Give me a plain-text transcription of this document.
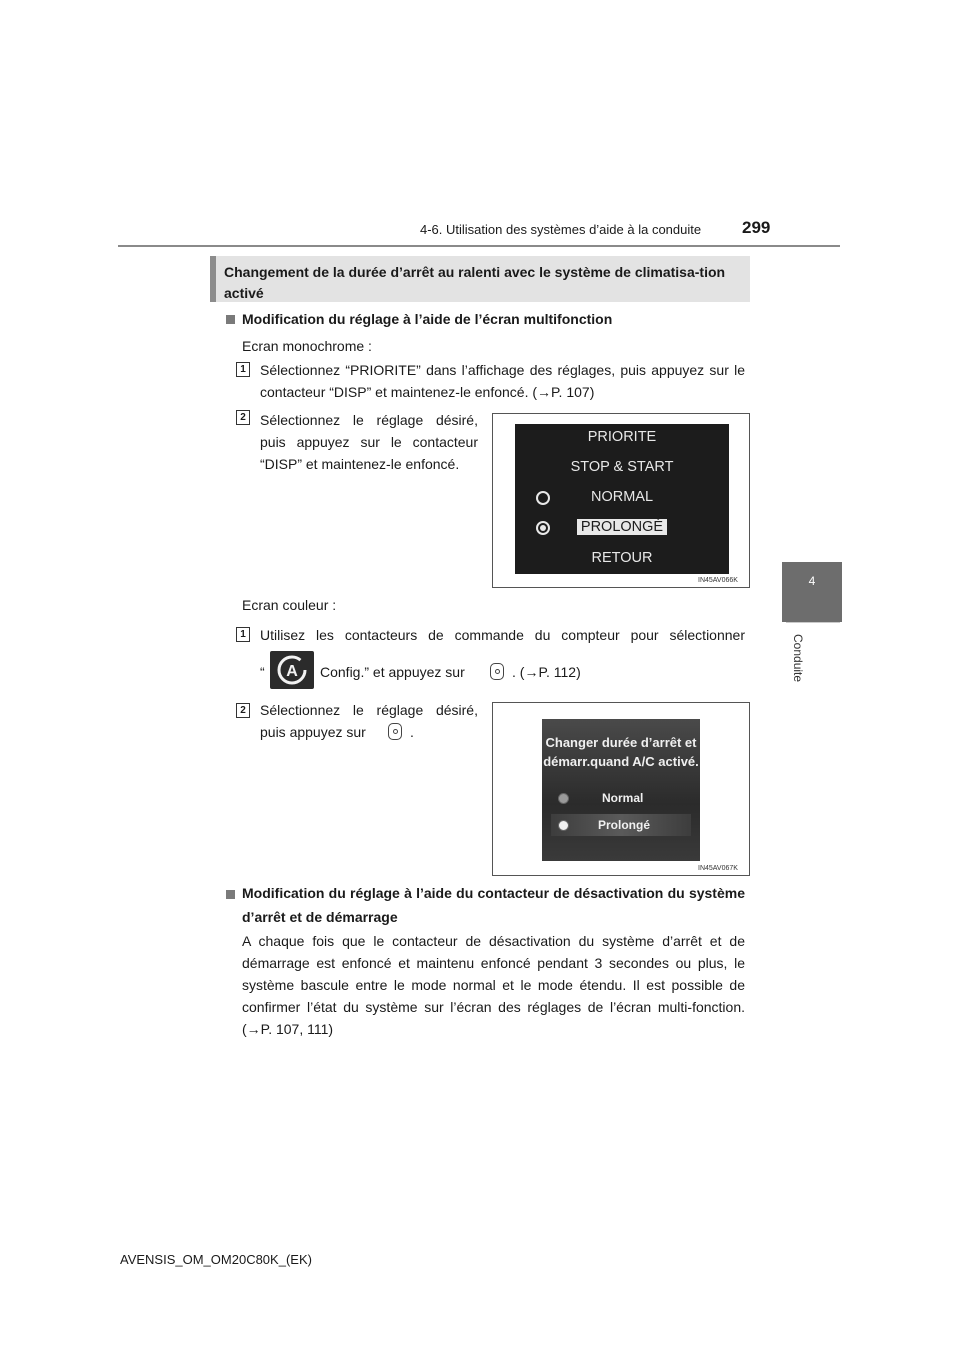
4-6. Utilisation des systèmes d’aide à la conduite 299
4
Conduite
Changement de la durée d’arrêt au ralenti avec le système de climatisa-tion activé
Modification du réglage à l’aide de l’écran multifonction
Ecran monochrome :
1	Sélectionnez “PRIORITE” dans l’affichage des réglages, puis appuyez sur le contacteur “DISP” et maintenez-le enfoncé. (→P. 107)
2	Sélectionnez le réglage désiré, puis appuyez sur le contacteur “DISP” et maintenez-le enfoncé.
PRIORITE
STOP & START
NORMAL
PROLONGÉ
RETOUR
IN45AV066K
Ecran couleur :
1	Utilisez les contacteurs de commande du compteur pour sélectionner
“ A Config.” et appuyez sur	. (→P. 112)
2	Sélectionnez le réglage désiré,
puis appuyez sur	.
Changer durée d’arrêt et
démarr.quand A/C activé.
Normal
Prolongé
IN45AV067K
Modification du réglage à l’aide du contacteur de désactivation du système d’arrêt et de démarrage
A chaque fois que le contacteur de désactivation du système d’arrêt et de démarrage est enfoncé et maintenu enfoncé pendant 3 secondes ou plus, le système bascule entre le mode normal et le mode étendu. Il est possible de confirmer l’état du système sur l’écran des réglages de l’écran multi-fonction. (→P. 107, 111)
AVENSIS_OM_OM20C80K_(EK)
